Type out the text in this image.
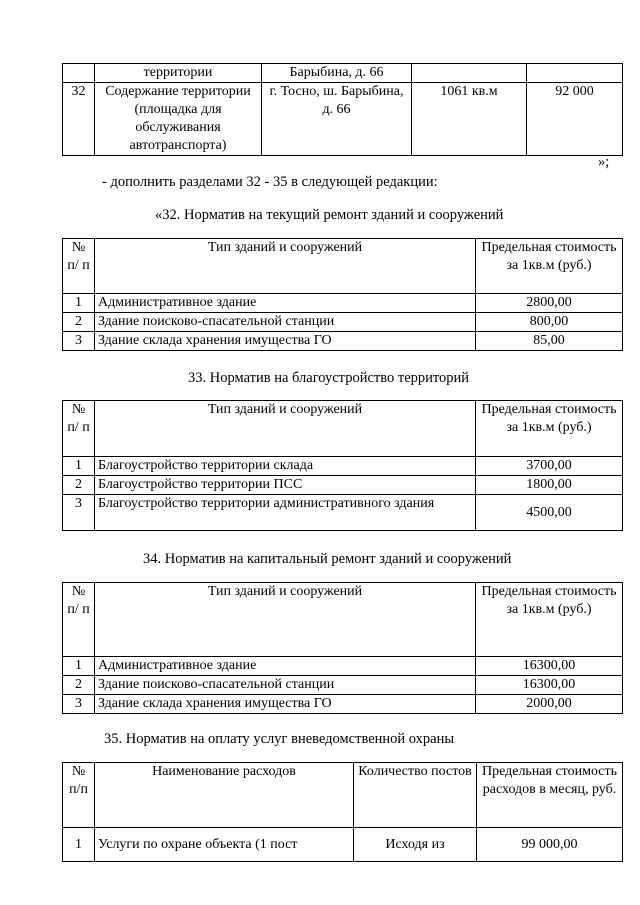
	территории	Барыбина, д. 66		
32	Содержание территории (площадка для обслуживания автотранспорта)	г. Тосно, ш. Барыбина, д. 66	1061 кв.м	92 000
»;
- дополнить разделами 32 - 35 в следующей редакции:
«32. Норматив на текущий ремонт зданий и сооружений
№ п/ п	Тип зданий и сооружений	Предельная стоимость за 1кв.м (руб.)
1	Административное здание	2800,00
2	Здание поисково-спасательной станции	800,00
3	Здание склада хранения имущества ГО	85,00
33. Норматив на благоустройство территорий
№ п/ п	Тип зданий и сооружений	Предельная стоимость за 1кв.м (руб.)
1	Благоустройство территории склада	3700,00
2	Благоустройство территории ПСС	1800,00
3	Благоустройство территории административного здания	4500,00
34. Норматив на капитальный ремонт зданий и сооружений
№ п/ п	Тип зданий и сооружений	Предельная стоимость за 1кв.м (руб.)
1	Административное здание	16300,00
2	Здание поисково-спасательной станции	16300,00
3	Здание склада хранения имущества ГО	2000,00
35. Норматив на оплату услуг вневедомственной охраны
№ п/п	Наименование расходов	Количество постов	Предельная стоимость расходов в месяц, руб.
1	Услуги по охране объекта (1 пост	Исходя из	99 000,00
